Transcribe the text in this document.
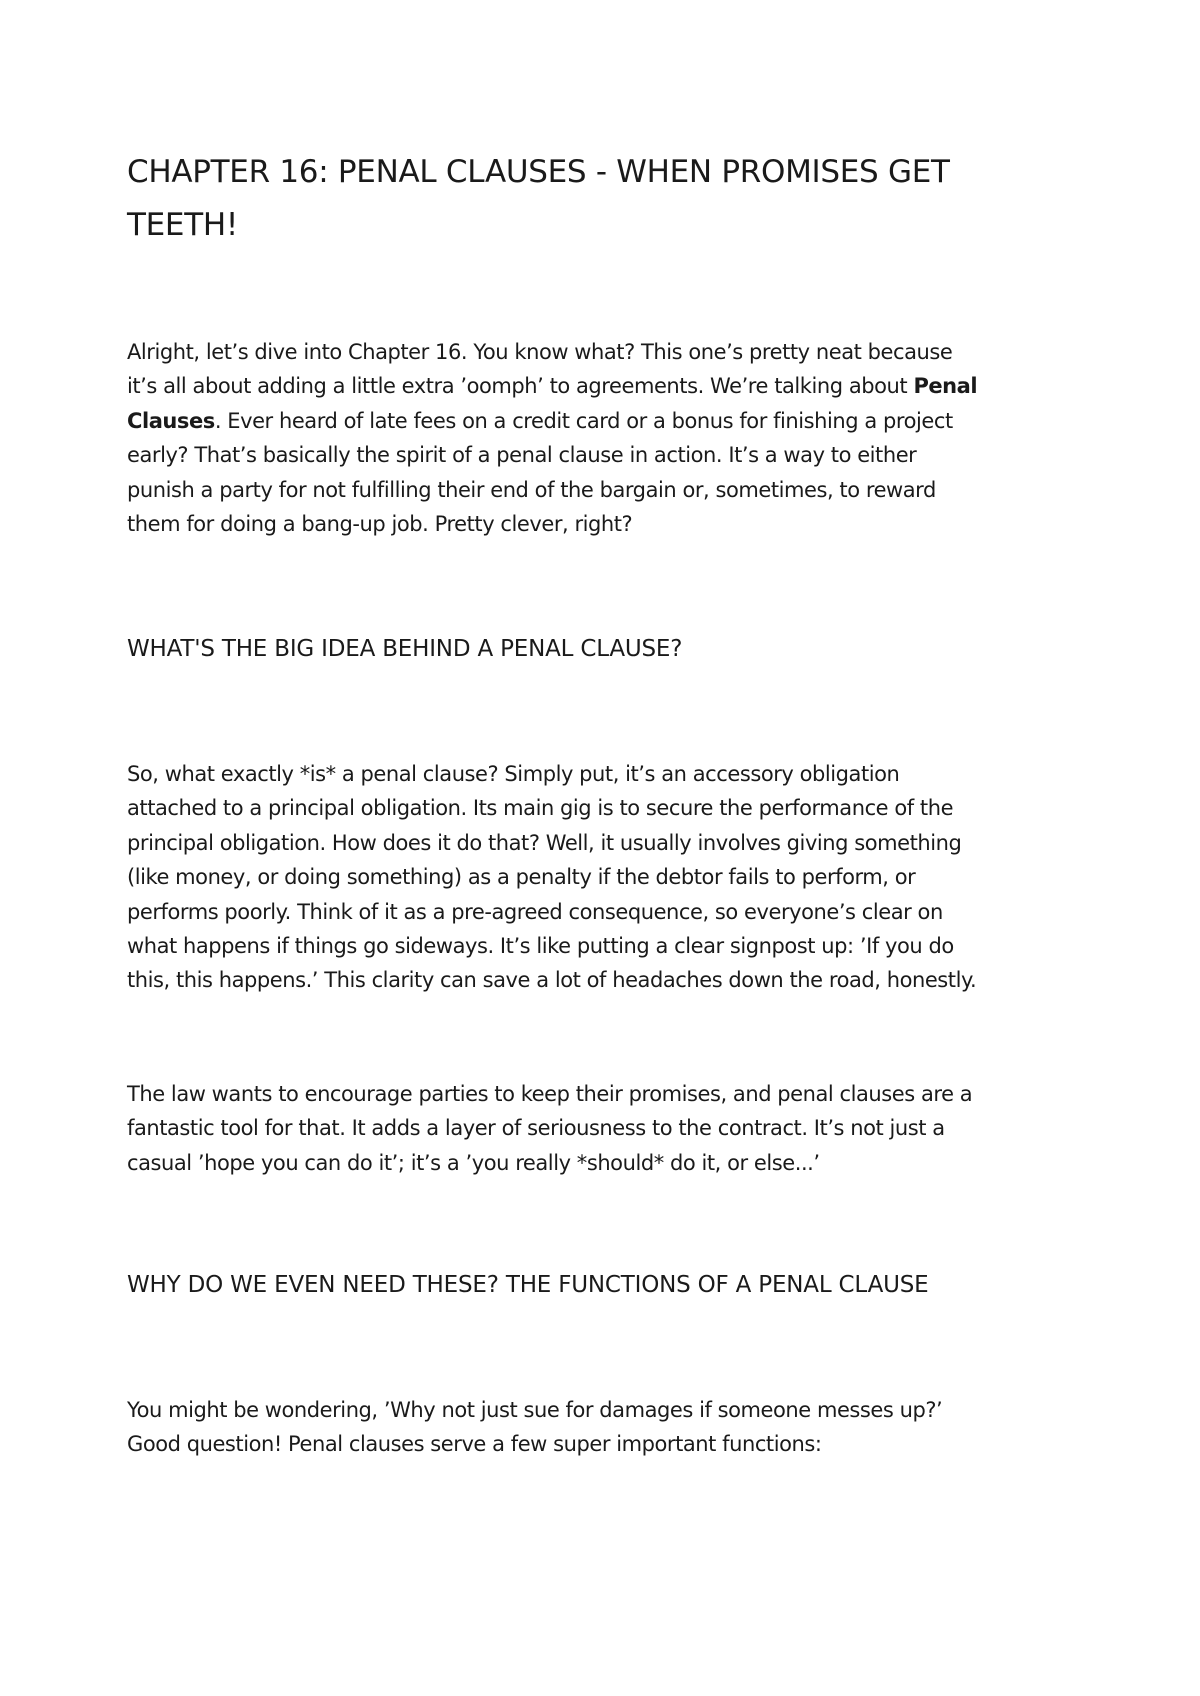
CHAPTER 16: PENAL CLAUSES - WHEN PROMISES GET
TEETH!

Alright, let’s dive into Chapter 16. You know what? This one’s pretty neat because
it’s all about adding a little extra ’oomph’ to agreements. We’re talking about Penal
Clauses. Ever heard of late fees on a credit card or a bonus for finishing a project
early? That’s basically the spirit of a penal clause in action. It’s a way to either
punish a party for not fulfilling their end of the bargain or, sometimes, to reward
them for doing a bang-up job. Pretty clever, right?

WHAT'S THE BIG IDEA BEHIND A PENAL CLAUSE?

So, what exactly *is* a penal clause? Simply put, it’s an accessory obligation
attached to a principal obligation. Its main gig is to secure the performance of the
principal obligation. How does it do that? Well, it usually involves giving something
(like money, or doing something) as a penalty if the debtor fails to perform, or
performs poorly. Think of it as a pre-agreed consequence, so everyone’s clear on
what happens if things go sideways. It’s like putting a clear signpost up: ’If you do
this, this happens.’ This clarity can save a lot of headaches down the road, honestly.

The law wants to encourage parties to keep their promises, and penal clauses are a
fantastic tool for that. It adds a layer of seriousness to the contract. It’s not just a
casual ’hope you can do it’; it’s a ’you really *should* do it, or else...’

WHY DO WE EVEN NEED THESE? THE FUNCTIONS OF A PENAL CLAUSE

You might be wondering, ’Why not just sue for damages if someone messes up?’
Good question! Penal clauses serve a few super important functions:
